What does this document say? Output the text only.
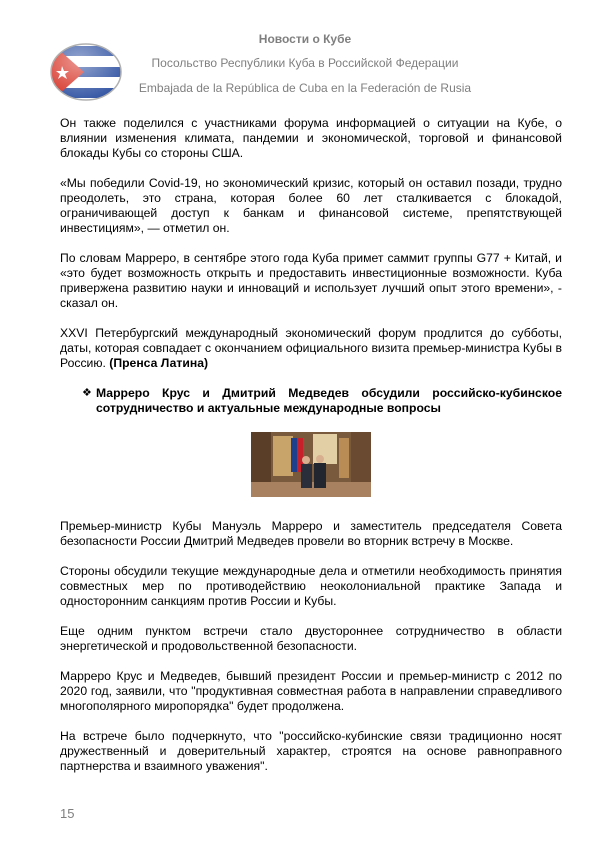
Новости о Кубе
Посольство Республики Куба в Российской Федерации
Embajada de la República de Cuba en la Federación de Rusia

Он также поделился с участниками форума информацией о ситуации на Кубе, о влиянии изменения климата, пандемии и экономической, торговой и финансовой блокады Кубы со стороны США.

«Мы победили Covid-19, но экономический кризис, который он оставил позади, трудно преодолеть, это страна, которая более 60 лет сталкивается с блокадой, ограничивающей доступ к банкам и финансовой системе, препятствующей инвестициям», — отметил он.

По словам Марреро, в сентябре этого года Куба примет саммит группы G77 + Китай, и «это будет возможность открыть и предоставить инвестиционные возможности. Куба привержена развитию науки и инноваций и использует лучший опыт этого времени», - сказал он.

XXVI Петербургский международный экономический форум продлится до субботы, даты, которая совпадает с окончанием официального визита премьер-министра Кубы в Россию. (Пренса Латина)

❖ Марреро Крус и Дмитрий Медведев обсудили российско-кубинское сотрудничество и актуальные международные вопросы

Премьер-министр Кубы Мануэль Марреро и заместитель председателя Совета безопасности России Дмитрий Медведев провели во вторник встречу в Москве.

Стороны обсудили текущие международные дела и отметили необходимость принятия совместных мер по противодействию неоколониальной практике Запада и односторонним санкциям против России и Кубы.

Еще одним пунктом встречи стало двустороннее сотрудничество в области энергетической и продовольственной безопасности.

Марреро Крус и Медведев, бывший президент России и премьер-министр с 2012 по 2020 год, заявили, что "продуктивная совместная работа в направлении справедливого многополярного миропорядка" будет продолжена.

На встрече было подчеркнуто, что "российско-кубинские связи традиционно носят дружественный и доверительный характер, строятся на основе равноправного партнерства и взаимного уважения".

15
